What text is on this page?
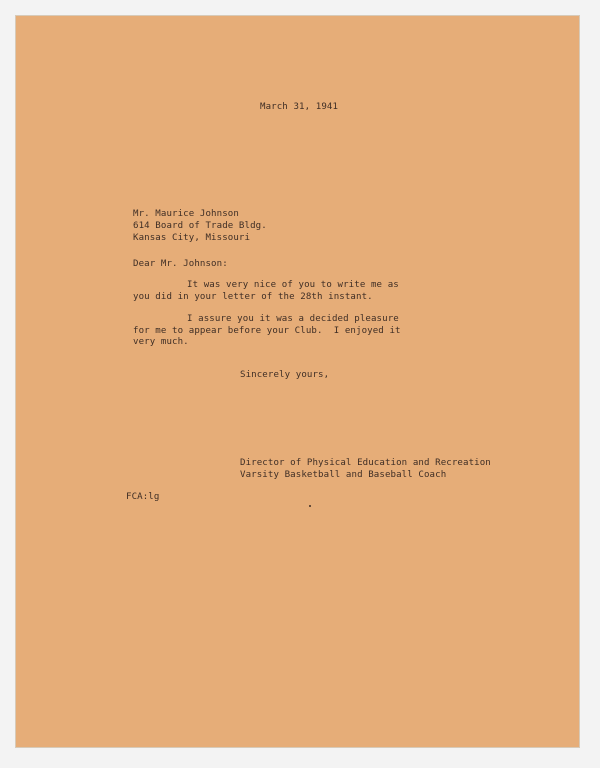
March 31, 1941
Mr. Maurice Johnson
614 Board of Trade Bldg.
Kansas City, Missouri
Dear Mr. Johnson:
It was very nice of you to write me as
you did in your letter of the 28th instant.
I assure you it was a decided pleasure
for me to appear before your Club.  I enjoyed it
very much.
Sincerely yours,
Director of Physical Education and Recreation
Varsity Basketball and Baseball Coach
FCA:lg
